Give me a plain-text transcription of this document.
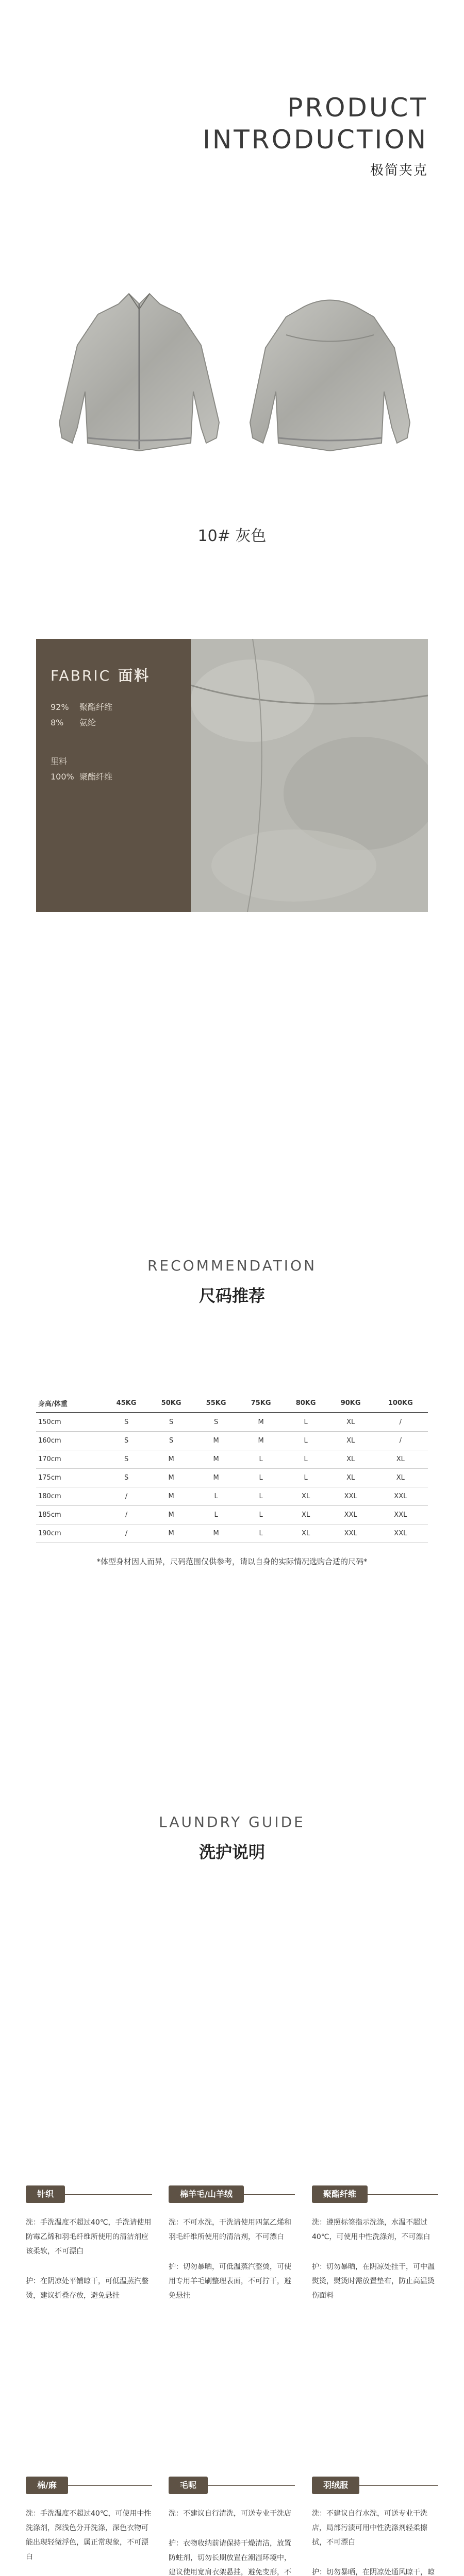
PRODUCT
INTRODUCTION
极简夹克
10# 灰色
FABRIC 面料
92% 聚酯纤维
8% 氨纶
里料
100% 聚酯纤维
RECOMMENDATION
尺码推荐
身高/体重	45KG	50KG	55KG	75KG	80KG	90KG	100KG
150cm	S	S	S	M	L	XL	/
160cm	S	S	M	M	L	XL	/
170cm	S	M	M	L	L	XL	XL
175cm	S	M	M	L	L	XL	XL
180cm	/	M	L	L	XL	XXL	XXL
185cm	/	M	L	L	XL	XXL	XXL
190cm	/	M	M	L	XL	XXL	XXL
*体型身材因人而异，尺码范围仅供参考，请以自身的实际情况选购合适的尺码*
LAUNDRY GUIDE
洗护说明
针织

洗：手洗温度不超过40℃，手洗请使用防霉乙烯和羽毛纤维所使用的清洁剂应该柔软，不可漂白

护：在阴凉处平铺晾干，可低温蒸汽整烫，建议折叠存放，避免悬挂

棉羊毛/山羊绒

洗：不可水洗，干洗请使用四氯乙烯和羽毛纤维所使用的清洁剂，不可漂白

护：切勿暴晒，可低温蒸汽整烫，可使用专用羊毛刷整理表面，不可拧干，避免悬挂

聚酯纤维

洗：遵照标签指示洗涤，水温不超过40℃，可使用中性洗涤剂，不可漂白

护：切勿暴晒，在阴凉处挂干，可中温熨烫，熨烫时需放置垫布，防止高温烫伤面料

棉/麻

洗：手洗温度不超过40℃，可使用中性洗涤剂，深浅色分开洗涤，深色衣物可能出现轻微浮色，属正常现象，不可漂白

毛呢

洗：不建议自行清洗，可送专业干洗店

护：衣物收纳前请保持干燥清洁，放置防蛀剂，切勿长期放置在潮湿环境中，建议使用宽肩衣架悬挂，避免变形，不

羽绒服

洗：不建议自行水洗，可送专业干洗店，局部污渍可用中性洗涤剂轻柔擦拭，不可漂白

护：切勿暴晒，在阴凉处通风晾干，晾
